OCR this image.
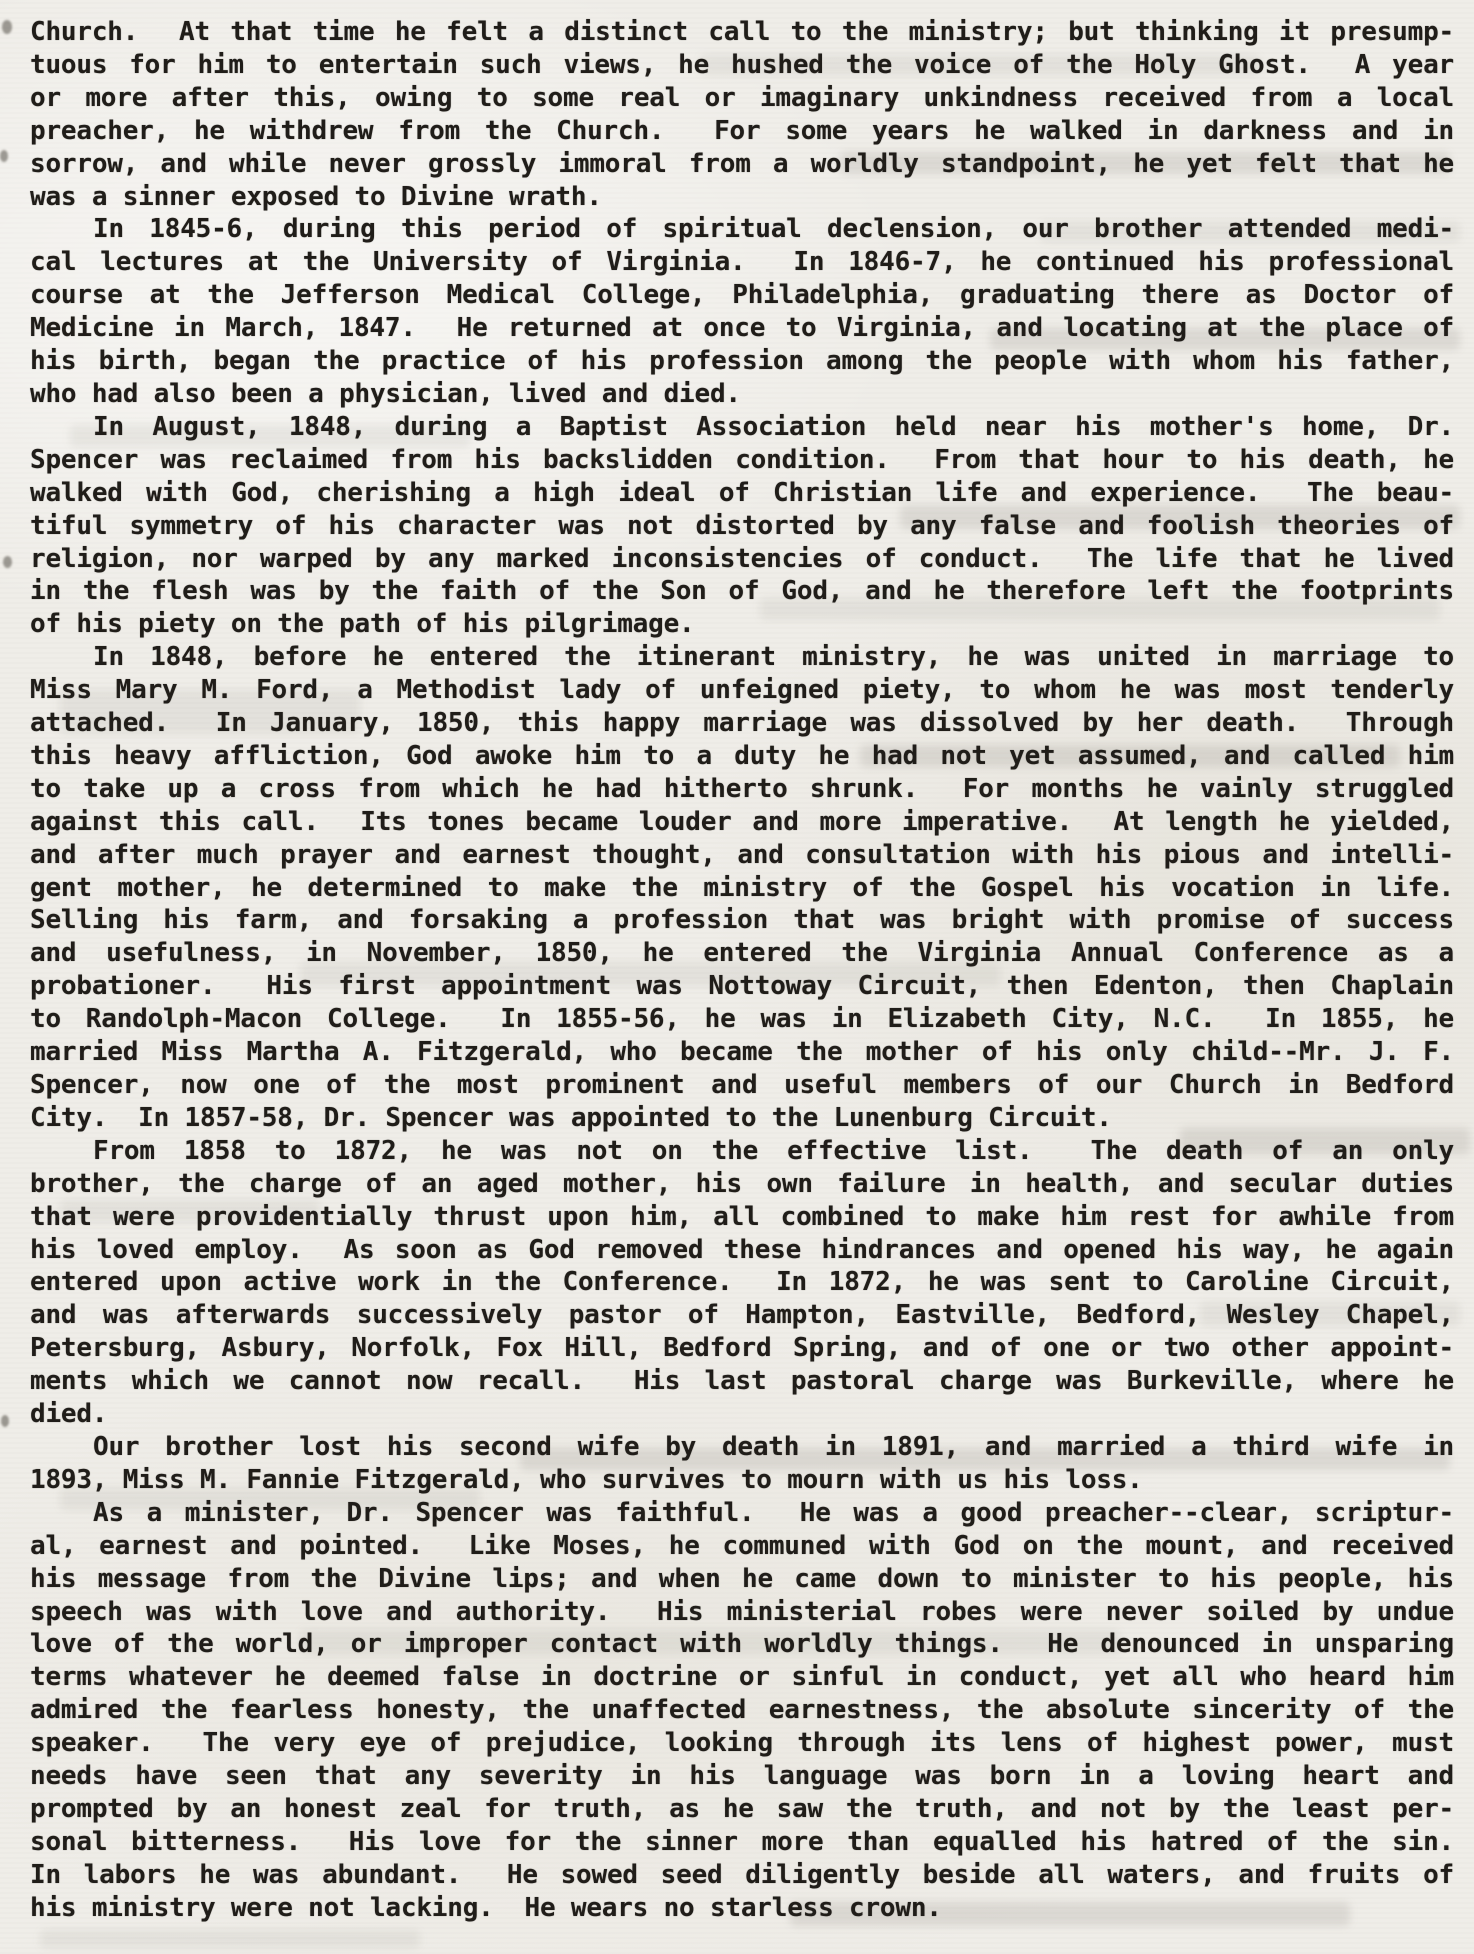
Church.  At that time he felt a distinct call to the ministry; but thinking it presump-
tuous for him to entertain such views, he hushed the voice of the Holy Ghost.  A year
or more after this, owing to some real or imaginary unkindness received from a local
preacher, he withdrew from the Church.  For some years he walked in darkness and in
sorrow, and while never grossly immoral from a worldly standpoint, he yet felt that he
was a sinner exposed to Divine wrath.
In 1845-6, during this period of spiritual declension, our brother attended medi-
cal lectures at the University of Virginia.  In 1846-7, he continued his professional
course at the Jefferson Medical College, Philadelphia, graduating there as Doctor of
Medicine in March, 1847.  He returned at once to Virginia, and locating at the place of
his birth, began the practice of his profession among the people with whom his father,
who had also been a physician, lived and died.
In August, 1848, during a Baptist Association held near his mother's home, Dr.
Spencer was reclaimed from his backslidden condition.  From that hour to his death, he
walked with God, cherishing a high ideal of Christian life and experience.  The beau-
tiful symmetry of his character was not distorted by any false and foolish theories of
religion, nor warped by any marked inconsistencies of conduct.  The life that he lived
in the flesh was by the faith of the Son of God, and he therefore left the footprints
of his piety on the path of his pilgrimage.
In 1848, before he entered the itinerant ministry, he was united in marriage to
Miss Mary M. Ford, a Methodist lady of unfeigned piety, to whom he was most tenderly
attached.  In January, 1850, this happy marriage was dissolved by her death.  Through
this heavy affliction, God awoke him to a duty he had not yet assumed, and called him
to take up a cross from which he had hitherto shrunk.  For months he vainly struggled
against this call.  Its tones became louder and more imperative.  At length he yielded,
and after much prayer and earnest thought, and consultation with his pious and intelli-
gent mother, he determined to make the ministry of the Gospel his vocation in life.
Selling his farm, and forsaking a profession that was bright with promise of success
and usefulness, in November, 1850, he entered the Virginia Annual Conference as a
probationer.  His first appointment was Nottoway Circuit, then Edenton, then Chaplain
to Randolph-Macon College.  In 1855-56, he was in Elizabeth City, N.C.  In 1855, he
married Miss Martha A. Fitzgerald, who became the mother of his only child--Mr. J. F.
Spencer, now one of the most prominent and useful members of our Church in Bedford
City.  In 1857-58, Dr. Spencer was appointed to the Lunenburg Circuit.
From 1858 to 1872, he was not on the effective list.  The death of an only
brother, the charge of an aged mother, his own failure in health, and secular duties
that were providentially thrust upon him, all combined to make him rest for awhile from
his loved employ.  As soon as God removed these hindrances and opened his way, he again
entered upon active work in the Conference.  In 1872, he was sent to Caroline Circuit,
and was afterwards successively pastor of Hampton, Eastville, Bedford, Wesley Chapel,
Petersburg, Asbury, Norfolk, Fox Hill, Bedford Spring, and of one or two other appoint-
ments which we cannot now recall.  His last pastoral charge was Burkeville, where he
died.
Our brother lost his second wife by death in 1891, and married a third wife in
1893, Miss M. Fannie Fitzgerald, who survives to mourn with us his loss.
As a minister, Dr. Spencer was faithful.  He was a good preacher--clear, scriptur-
al, earnest and pointed.  Like Moses, he communed with God on the mount, and received
his message from the Divine lips; and when he came down to minister to his people, his
speech was with love and authority.  His ministerial robes were never soiled by undue
love of the world, or improper contact with worldly things.  He denounced in unsparing
terms whatever he deemed false in doctrine or sinful in conduct, yet all who heard him
admired the fearless honesty, the unaffected earnestness, the absolute sincerity of the
speaker.  The very eye of prejudice, looking through its lens of highest power, must
needs have seen that any severity in his language was born in a loving heart and
prompted by an honest zeal for truth, as he saw the truth, and not by the least per-
sonal bitterness.  His love for the sinner more than equalled his hatred of the sin.
In labors he was abundant.  He sowed seed diligently beside all waters, and fruits of
his ministry were not lacking.  He wears no starless crown.
